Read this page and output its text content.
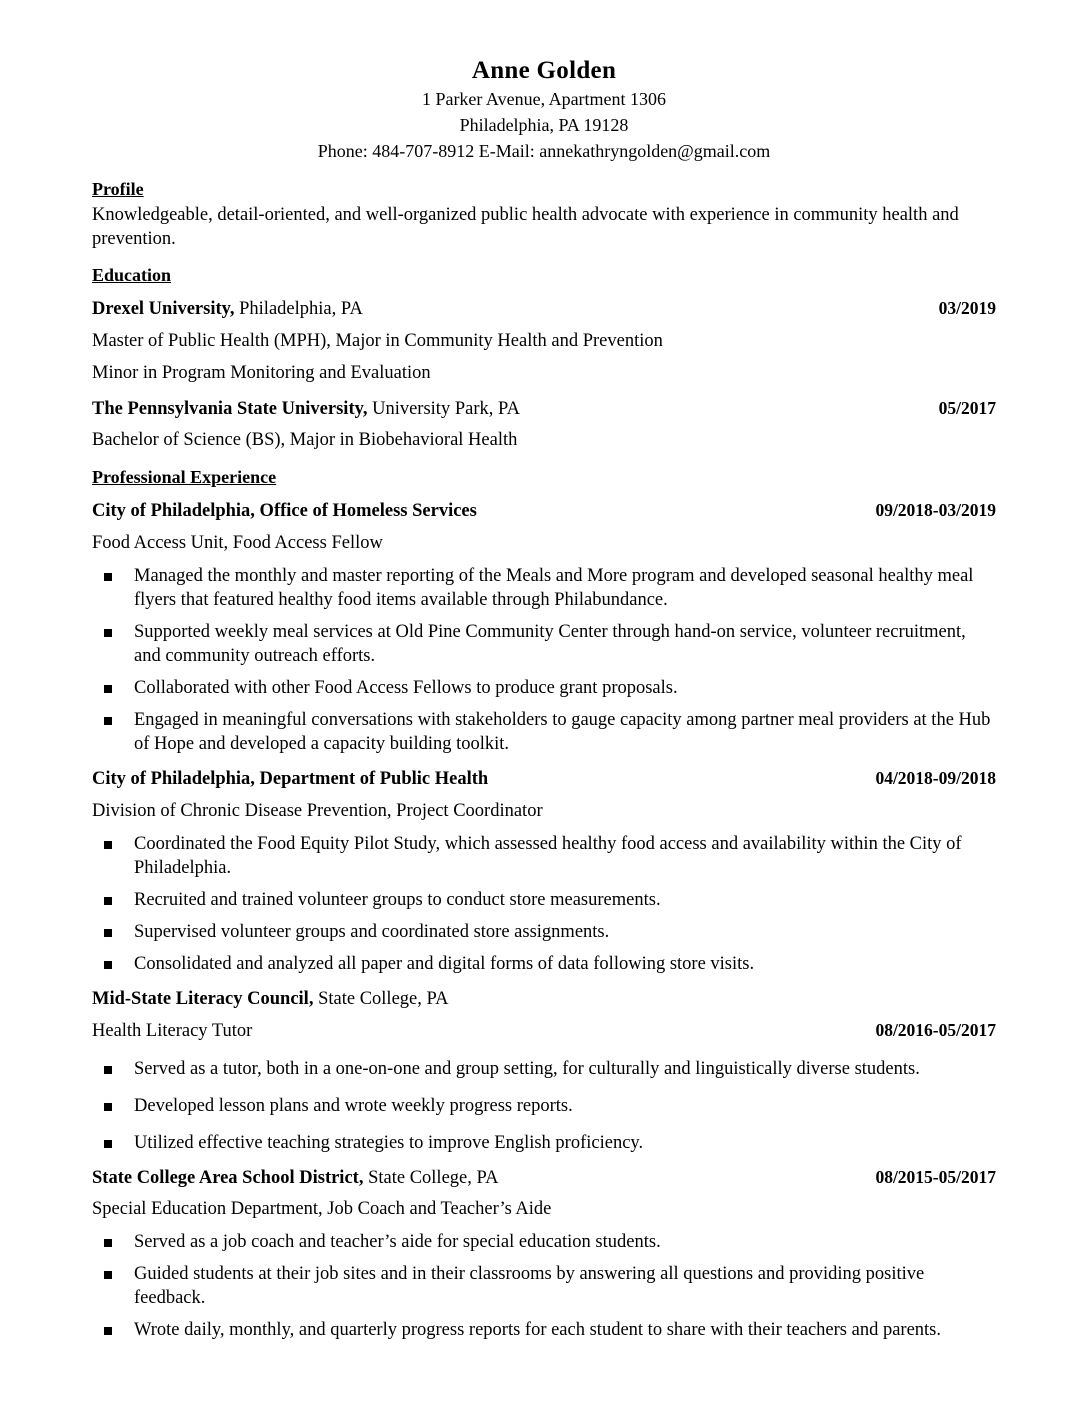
Anne Golden
1 Parker Avenue, Apartment 1306
Philadelphia, PA 19128
Phone: 484-707-8912 E-Mail: annekathryngolden@gmail.com
Profile
Knowledgeable, detail-oriented, and well-organized public health advocate with experience in community health and prevention.
Education
Drexel University, Philadelphia, PA	03/2019
Master of Public Health (MPH), Major in Community Health and Prevention
Minor in Program Monitoring and Evaluation
The Pennsylvania State University, University Park, PA	05/2017
Bachelor of Science (BS), Major in Biobehavioral Health
Professional Experience
City of Philadelphia, Office of Homeless Services	09/2018-03/2019
Food Access Unit, Food Access Fellow
Managed the monthly and master reporting of the Meals and More program and developed seasonal healthy meal flyers that featured healthy food items available through Philabundance.
Supported weekly meal services at Old Pine Community Center through hand-on service, volunteer recruitment, and community outreach efforts.
Collaborated with other Food Access Fellows to produce grant proposals.
Engaged in meaningful conversations with stakeholders to gauge capacity among partner meal providers at the Hub of Hope and developed a capacity building toolkit.
City of Philadelphia, Department of Public Health	04/2018-09/2018
Division of Chronic Disease Prevention, Project Coordinator
Coordinated the Food Equity Pilot Study, which assessed healthy food access and availability within the City of Philadelphia.
Recruited and trained volunteer groups to conduct store measurements.
Supervised volunteer groups and coordinated store assignments.
Consolidated and analyzed all paper and digital forms of data following store visits.
Mid-State Literacy Council, State College, PA
Health Literacy Tutor	08/2016-05/2017
Served as a tutor, both in a one-on-one and group setting, for culturally and linguistically diverse students.
Developed lesson plans and wrote weekly progress reports.
Utilized effective teaching strategies to improve English proficiency.
State College Area School District, State College, PA	08/2015-05/2017
Special Education Department, Job Coach and Teacher’s Aide
Served as a job coach and teacher’s aide for special education students.
Guided students at their job sites and in their classrooms by answering all questions and providing positive feedback.
Wrote daily, monthly, and quarterly progress reports for each student to share with their teachers and parents.
